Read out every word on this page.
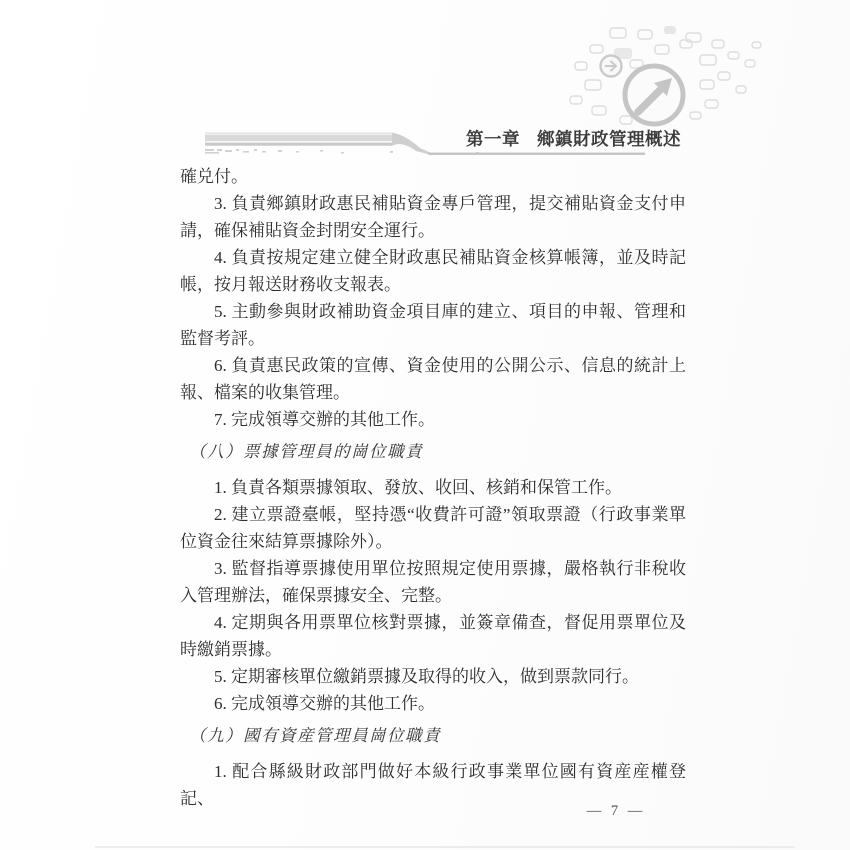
第一章 鄉鎮財政管理概述

確兑付。

3. 負責鄉鎮財政惠民補貼資金專戶管理，提交補貼資金支付申請，確保補貼資金封閉安全運行。

4. 負責按規定建立健全財政惠民補貼資金核算帳簿，並及時記帳，按月報送財務收支報表。

5. 主動參與財政補助資金項目庫的建立、項目的申報、管理和監督考評。

6. 負責惠民政策的宣傳、資金使用的公開公示、信息的統計上報、檔案的收集管理。

7. 完成領導交辦的其他工作。

（八）票據管理員的崗位職責

1. 負責各類票據領取、發放、收回、核銷和保管工作。

2. 建立票證臺帳，堅持憑“收費許可證”領取票證（行政事業單位資金往來結算票據除外）。

3. 監督指導票據使用單位按照規定使用票據，嚴格執行非稅收入管理辦法，確保票據安全、完整。

4. 定期與各用票單位核對票據，並簽章備查，督促用票單位及時繳銷票據。

5. 定期審核單位繳銷票據及取得的收入，做到票款同行。

6. 完成領導交辦的其他工作。

（九）國有資産管理員崗位職責

1. 配合縣級財政部門做好本級行政事業單位國有資産産權登記、

— 7 —
